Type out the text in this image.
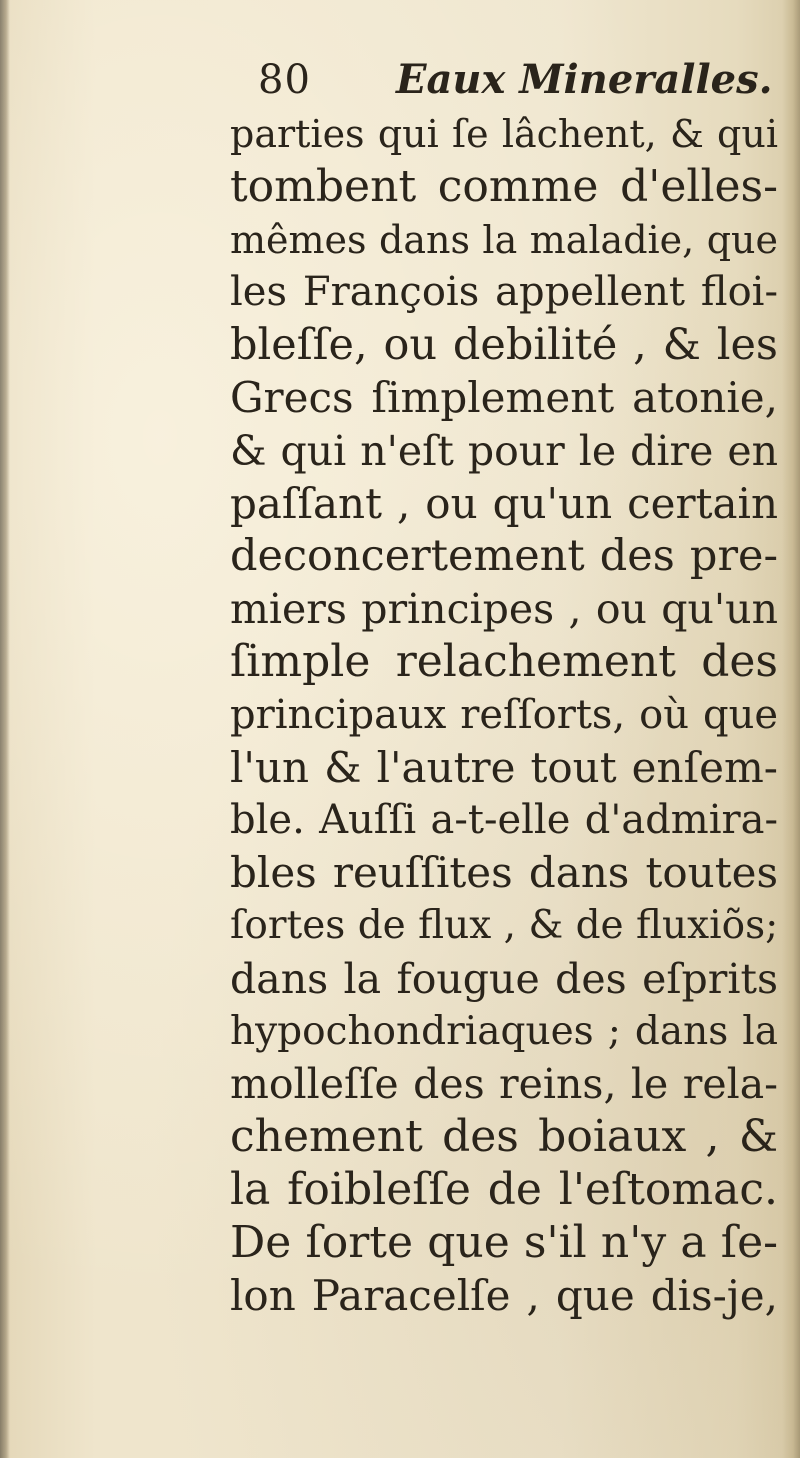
80 Eaux Mineralles.
parties qui ſe lâchent, & qui
tombent comme d'elles-
mêmes dans la maladie, que
les François appellent floi-
bleſſe, ou debilité , & les
Grecs ſimplement atonie,
& qui n'eſt pour le dire en
paſſant , ou qu'un certain
deconcertement des pre-
miers principes , ou qu'un
ſimple relachement des
principaux reſſorts, où que
l'un & l'autre tout enſem-
ble. Auſſi a-t-elle d'admira-
bles reuſſites dans toutes
ſortes de flux , & de fluxiõs;
dans la fougue des eſprits
hypochondriaques ; dans la
molleſſe des reins, le rela-
chement des boiaux , &
la foibleſſe de l'eſtomac.
De ſorte que s'il n'y a ſe-
lon Paracelſe , que dis-je,
